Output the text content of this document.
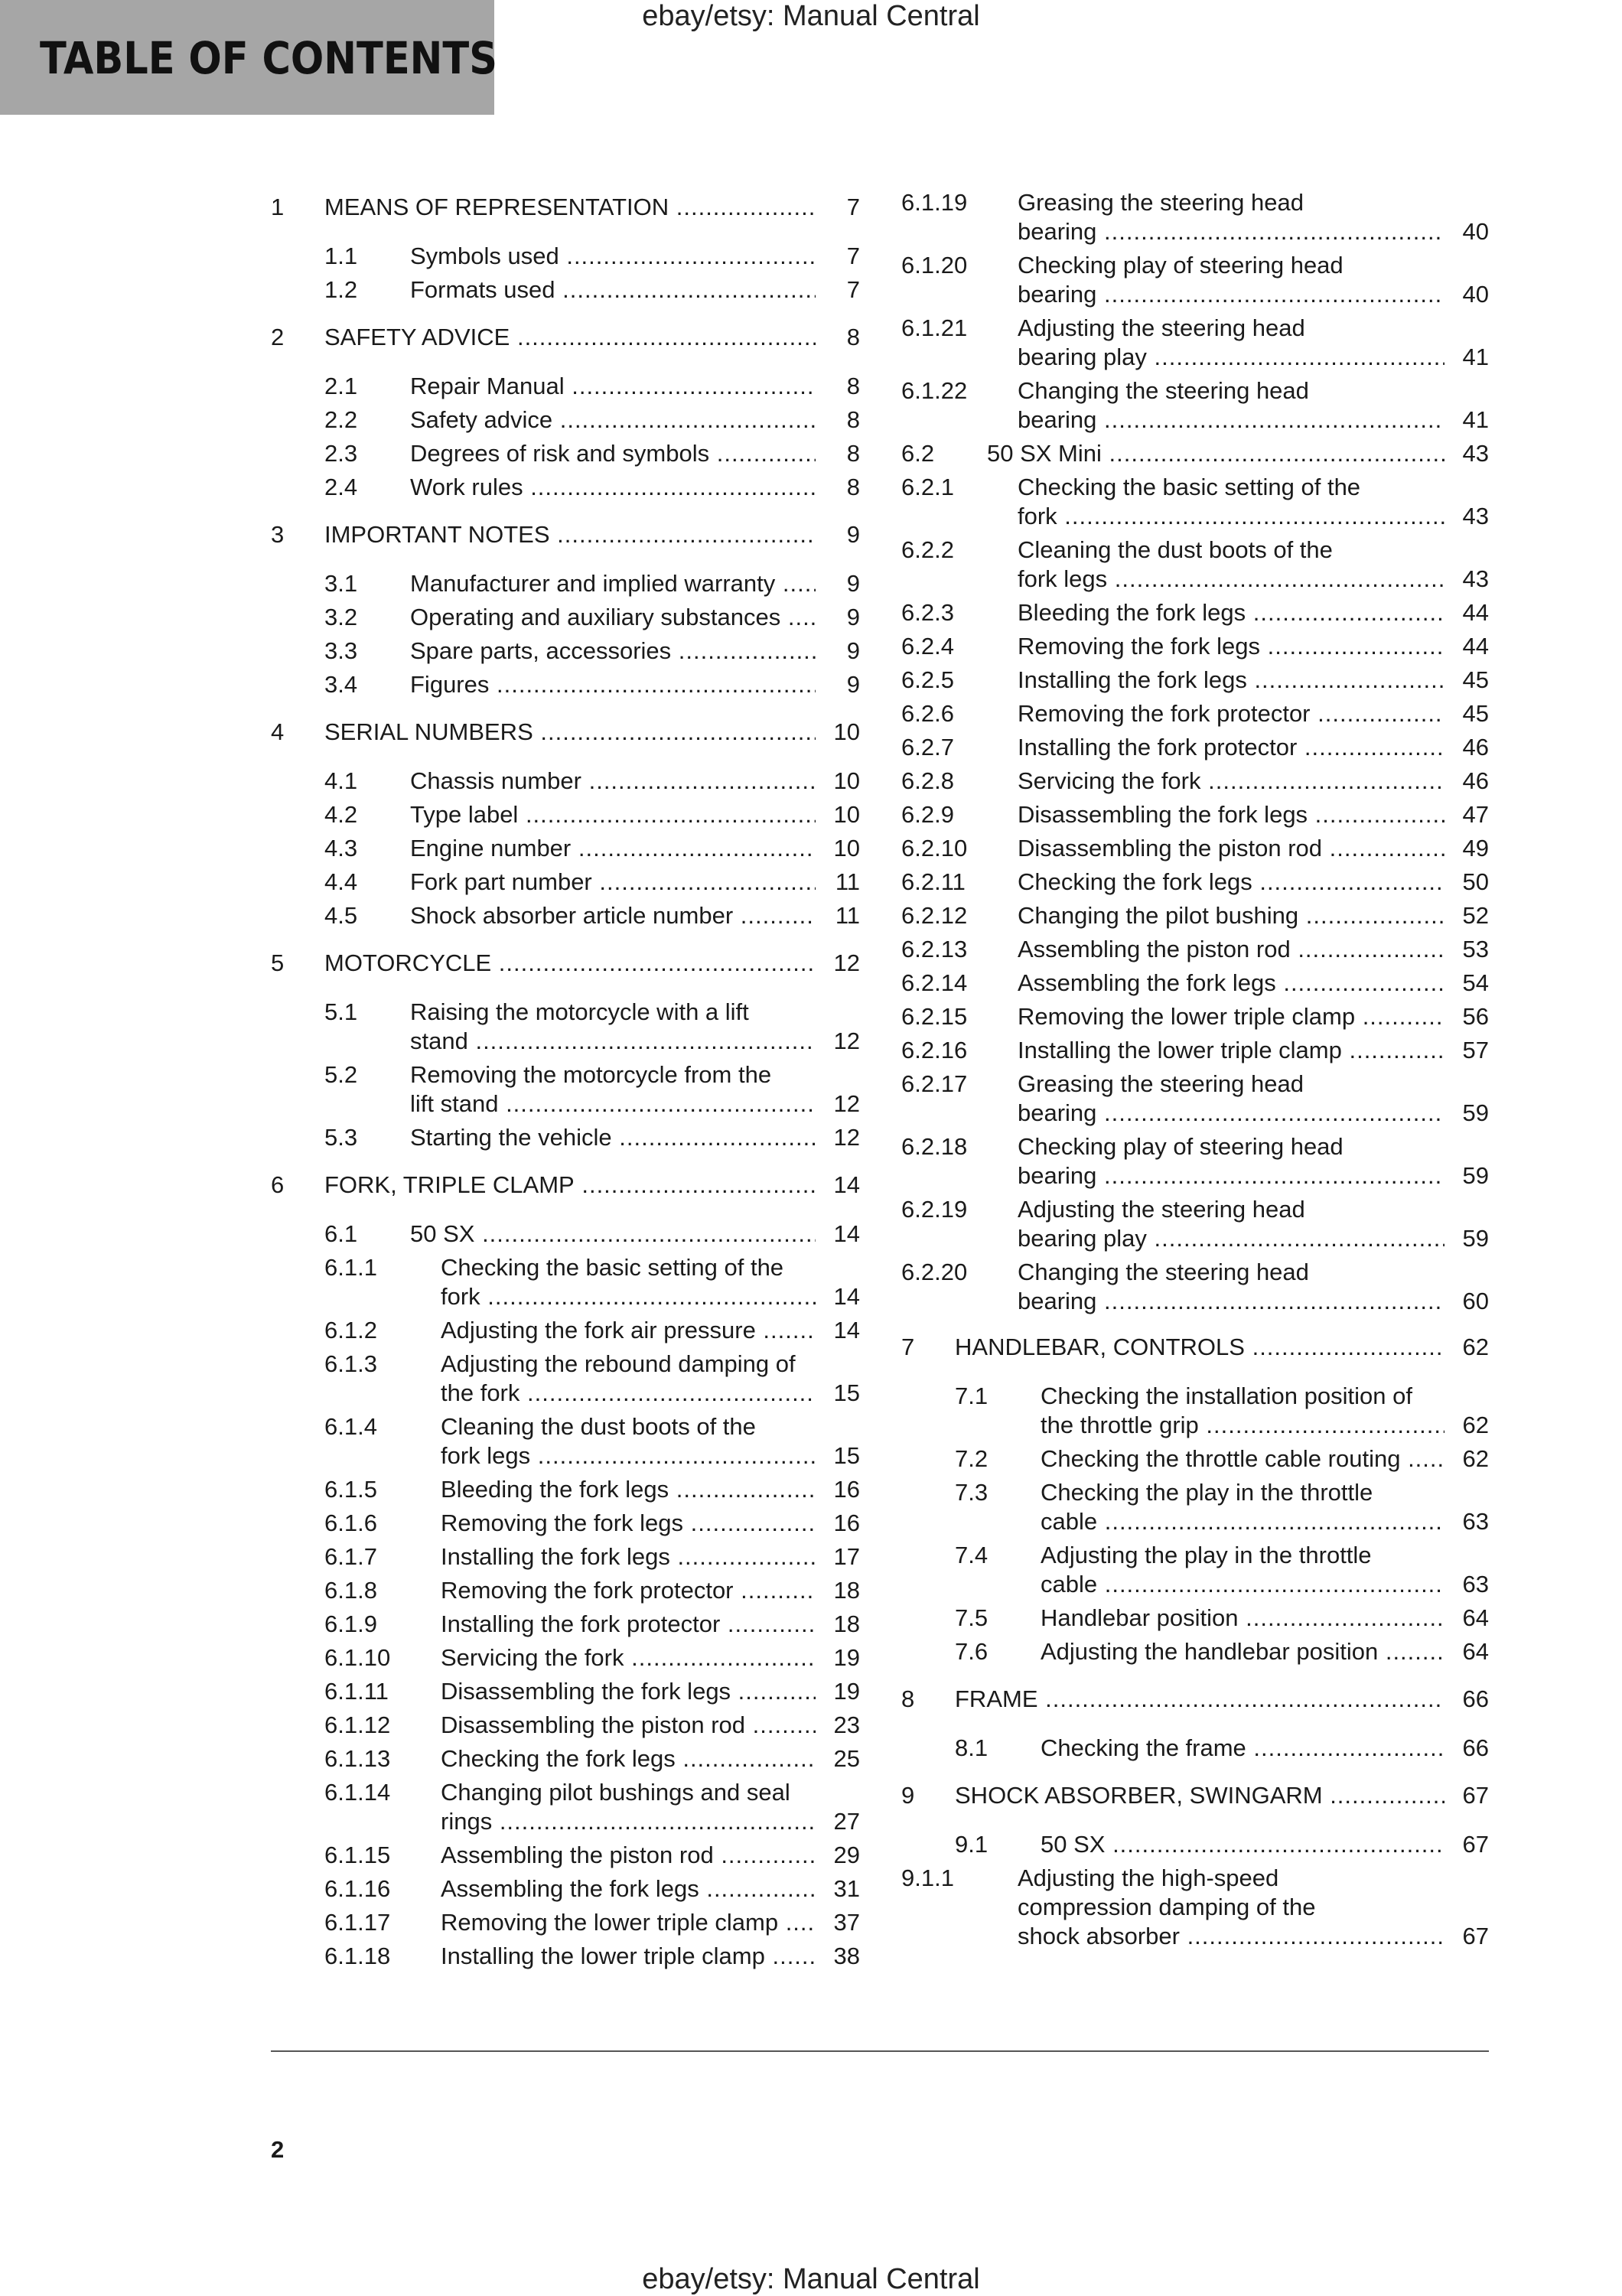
TABLE OF CONTENTS
ebay/etsy: Manual Central
1 MEANS OF REPRESENTATION .....	7
1.1 Symbols used .....	7
1.2 Formats used .....	7
2 SAFETY ADVICE .....	8
2.1 Repair Manual .....	8
2.2 Safety advice .....	8
2.3 Degrees of risk and symbols .....	8
2.4 Work rules .....	8
3 IMPORTANT NOTES .....	9
3.1 Manufacturer and implied warranty .....	9
3.2 Operating and auxiliary substances .....	9
3.3 Spare parts, accessories .....	9
3.4 Figures .....	9
4 SERIAL NUMBERS .....	10
4.1 Chassis number .....	10
4.2 Type label .....	10
4.3 Engine number .....	10
4.4 Fork part number .....	11
4.5 Shock absorber article number .....	11
5 MOTORCYCLE .....	12
5.1 Raising the motorcycle with a lift
stand .....	12
5.2 Removing the motorcycle from the
lift stand .....	12
5.3 Starting the vehicle .....	12
6 FORK, TRIPLE CLAMP .....	14
6.1 50 SX .....	14
6.1.1	Checking the basic setting of the
fork .....	14
6.1.2	Adjusting the fork air pressure .....	14
6.1.3	Adjusting the rebound damping of
the fork .....	15
6.1.4	Cleaning the dust boots of the
fork legs .....	15
6.1.5	Bleeding the fork legs .....	16
6.1.6	Removing the fork legs .....	16
6.1.7	Installing the fork legs .....	17
6.1.8	Removing the fork protector .....	18
6.1.9	Installing the fork protector .....	18
6.1.10 Servicing the fork .....	19
6.1.11 Disassembling the fork legs .....	19
6.1.12 Disassembling the piston rod .....	23
6.1.13 Checking the fork legs .....	25
6.1.14 Changing pilot bushings and seal
rings .....	27
6.1.15 Assembling the piston rod .....	29
6.1.16 Assembling the fork legs .....	31
6.1.17 Removing the lower triple clamp .....	37
6.1.18 Installing the lower triple clamp .....	38
6.1.19 Greasing the steering head
bearing .....	40
6.1.20 Checking play of steering head
bearing .....	40
6.1.21 Adjusting the steering head
bearing play .....	41
6.1.22 Changing the steering head
bearing .....	41
6.2 50 SX Mini .....	43
6.2.1	Checking the basic setting of the
fork .....	43
6.2.2	Cleaning the dust boots of the
fork legs .....	43
6.2.3	Bleeding the fork legs .....	44
6.2.4	Removing the fork legs .....	44
6.2.5	Installing the fork legs .....	45
6.2.6	Removing the fork protector .....	45
6.2.7	Installing the fork protector .....	46
6.2.8	Servicing the fork .....	46
6.2.9	Disassembling the fork legs .....	47
6.2.10 Disassembling the piston rod .....	49
6.2.11 Checking the fork legs .....	50
6.2.12 Changing the pilot bushing .....	52
6.2.13 Assembling the piston rod .....	53
6.2.14 Assembling the fork legs .....	54
6.2.15 Removing the lower triple clamp .....	56
6.2.16 Installing the lower triple clamp .....	57
6.2.17 Greasing the steering head
bearing .....	59
6.2.18 Checking play of steering head
bearing .....	59
6.2.19 Adjusting the steering head
bearing play .....	59
6.2.20 Changing the steering head
bearing .....	60
7 HANDLEBAR, CONTROLS .....	62
7.1 Checking the installation position of
the throttle grip .....	62
7.2 Checking the throttle cable routing .....	62
7.3 Checking the play in the throttle
cable .....	63
7.4 Adjusting the play in the throttle
cable .....	63
7.5 Handlebar position .....	64
7.6 Adjusting the handlebar position .....	64
8 FRAME .....	66
8.1 Checking the frame .....	66
9 SHOCK ABSORBER, SWINGARM .....	67
9.1 50 SX .....	67
9.1.1	Adjusting the high-speed
compression damping of the
shock absorber .....	67
2
ebay/etsy: Manual Central
